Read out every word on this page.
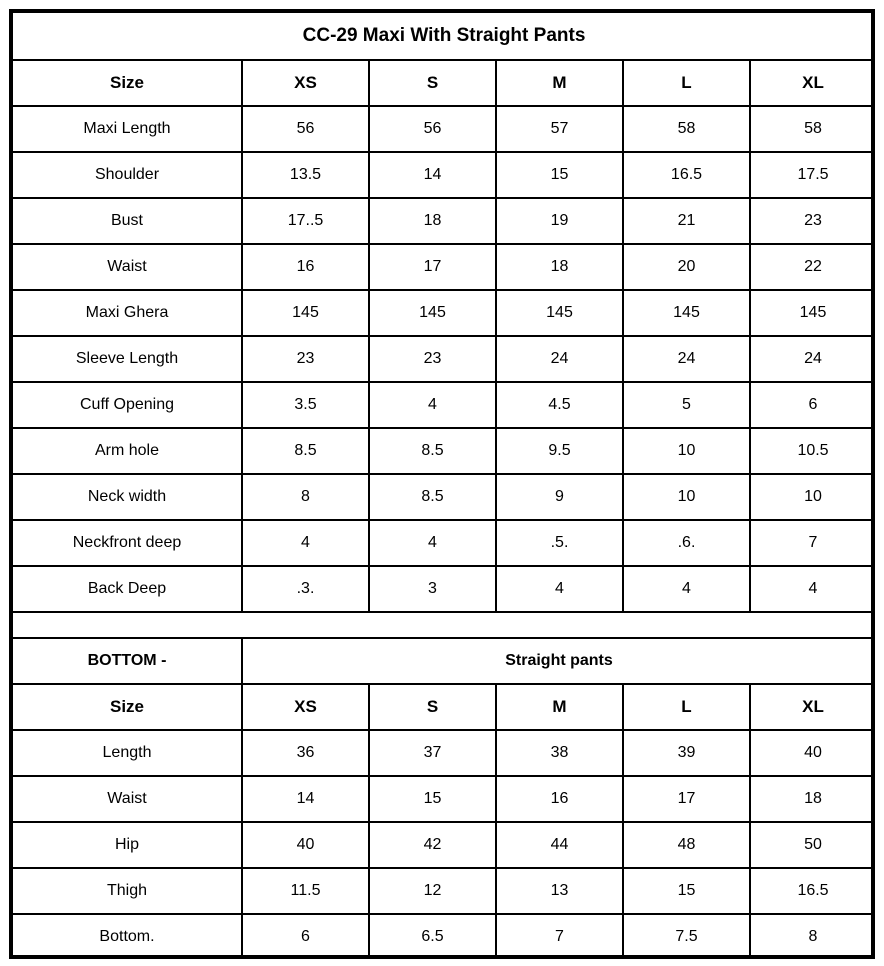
CC-29 Maxi With Straight Pants					
Size	XS	S	M	L	XL
Maxi Length	56	56	57	58	58
Shoulder	13.5	14	15	16.5	17.5
Bust	17..5	18	19	21	23
Waist	16	17	18	20	22
Maxi Ghera	145	145	145	145	145
Sleeve Length	23	23	24	24	24
Cuff Opening	3.5	4	4.5	5	6
Arm hole	8.5	8.5	9.5	10	10.5
Neck width	8	8.5	9	10	10
Neckfront deep	4	4	.5.	.6.	7
Back Deep	.3.	3	4	4	4

BOTTOM -	Straight pants				
Size	XS	S	M	L	XL
Length	36	37	38	39	40
Waist	14	15	16	17	18
Hip	40	42	44	48	50
Thigh	11.5	12	13	15	16.5
Bottom.	6	6.5	7	7.5	8
